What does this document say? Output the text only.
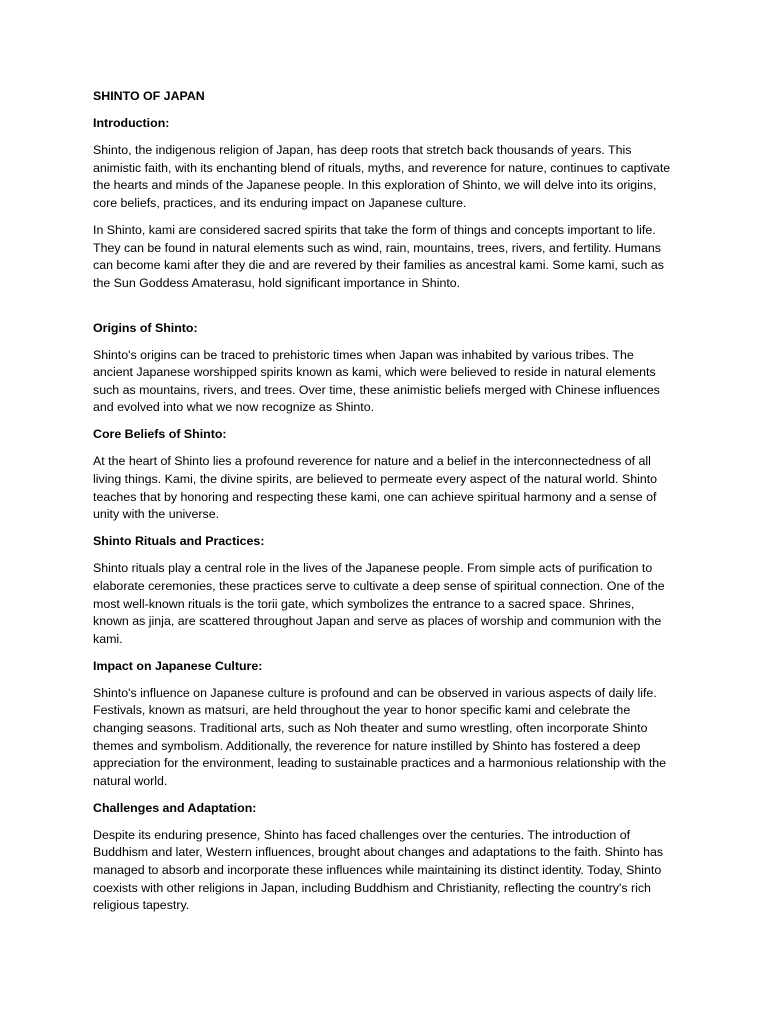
SHINTO OF JAPAN
Introduction:

Shinto, the indigenous religion of Japan, has deep roots that stretch back thousands of years. This animistic faith, with its enchanting blend of rituals, myths, and reverence for nature, continues to captivate the hearts and minds of the Japanese people. In this exploration of Shinto, we will delve into its origins, core beliefs, practices, and its enduring impact on Japanese culture.

In Shinto, kami are considered sacred spirits that take the form of things and concepts important to life. They can be found in natural elements such as wind, rain, mountains, trees, rivers, and fertility. Humans can become kami after they die and are revered by their families as ancestral kami. Some kami, such as the Sun Goddess Amaterasu, hold significant importance in Shinto.

Origins of Shinto:

Shinto's origins can be traced to prehistoric times when Japan was inhabited by various tribes. The ancient Japanese worshipped spirits known as kami, which were believed to reside in natural elements such as mountains, rivers, and trees. Over time, these animistic beliefs merged with Chinese influences and evolved into what we now recognize as Shinto.

Core Beliefs of Shinto:

At the heart of Shinto lies a profound reverence for nature and a belief in the interconnectedness of all living things. Kami, the divine spirits, are believed to permeate every aspect of the natural world. Shinto teaches that by honoring and respecting these kami, one can achieve spiritual harmony and a sense of unity with the universe.

Shinto Rituals and Practices:

Shinto rituals play a central role in the lives of the Japanese people. From simple acts of purification to elaborate ceremonies, these practices serve to cultivate a deep sense of spiritual connection. One of the most well-known rituals is the torii gate, which symbolizes the entrance to a sacred space. Shrines, known as jinja, are scattered throughout Japan and serve as places of worship and communion with the kami.

Impact on Japanese Culture:

Shinto's influence on Japanese culture is profound and can be observed in various aspects of daily life. Festivals, known as matsuri, are held throughout the year to honor specific kami and celebrate the changing seasons. Traditional arts, such as Noh theater and sumo wrestling, often incorporate Shinto themes and symbolism. Additionally, the reverence for nature instilled by Shinto has fostered a deep appreciation for the environment, leading to sustainable practices and a harmonious relationship with the natural world.

Challenges and Adaptation:

Despite its enduring presence, Shinto has faced challenges over the centuries. The introduction of Buddhism and later, Western influences, brought about changes and adaptations to the faith. Shinto has managed to absorb and incorporate these influences while maintaining its distinct identity. Today, Shinto coexists with other religions in Japan, including Buddhism and Christianity, reflecting the country's rich religious tapestry.
